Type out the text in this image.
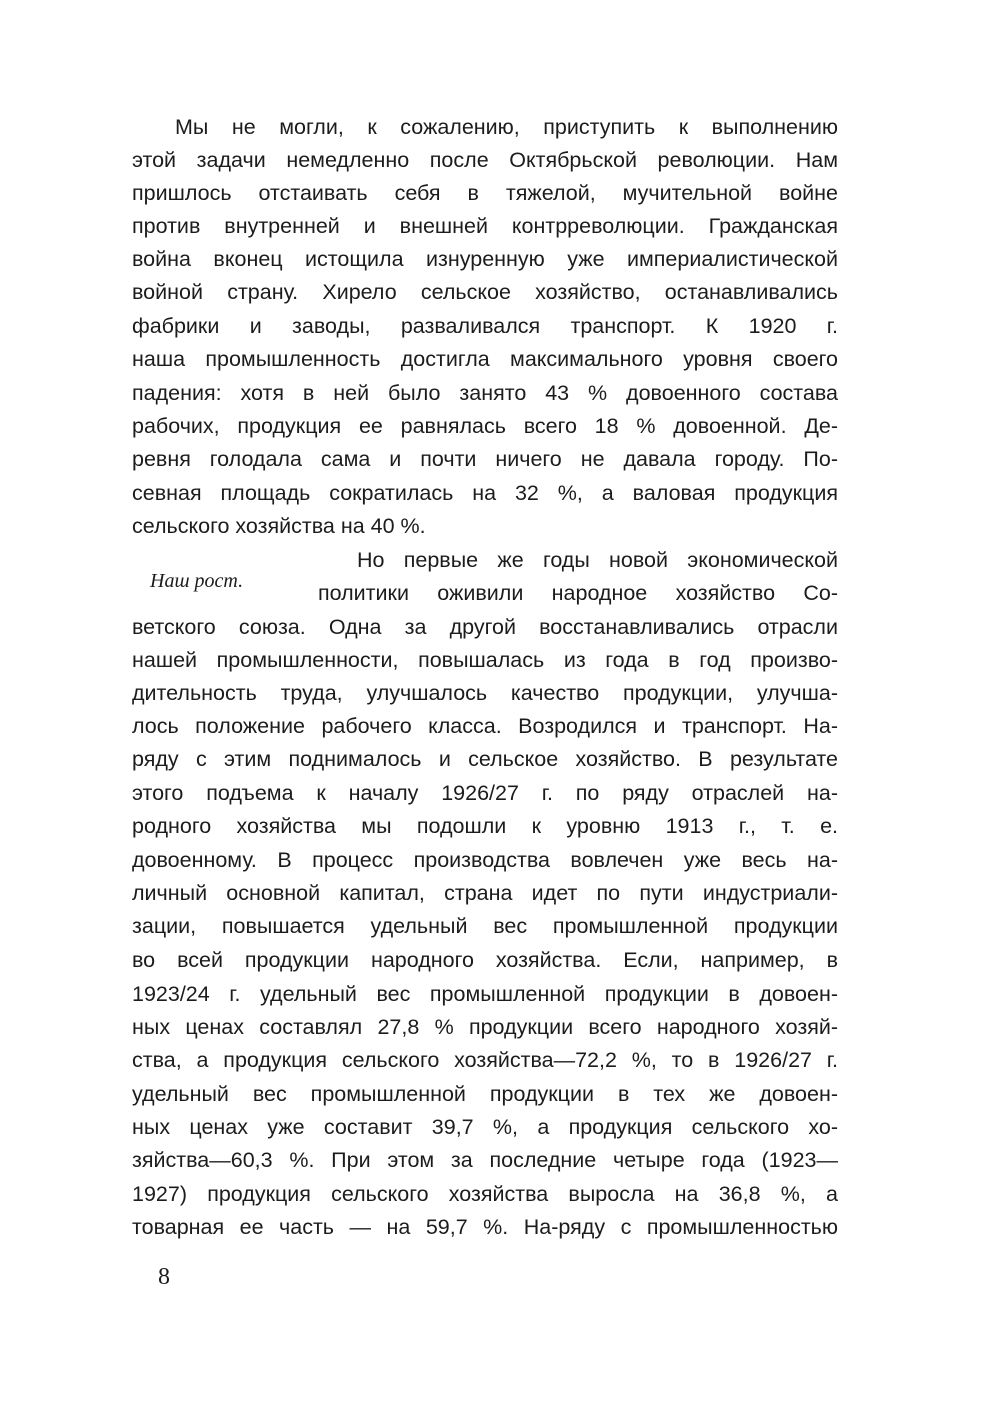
Мы не могли, к сожалению, приступить к выполнению
этой задачи немедленно после Октябрьской революции. Нам
пришлось отстаивать себя в тяжелой, мучительной войне
против внутренней и внешней контрреволюции. Гражданская
война вконец истощила изнуренную уже империалистической
войной страну. Хирело сельское хозяйство, останавливались
фабрики и заводы, разваливался транспорт. К 1920 г.
наша промышленность достигла максимального уровня своего
падения: хотя в ней было занято 43 % довоенного состава
рабочих, продукция ее равнялась всего 18 % довоенной. Де-
ревня голодала сама и почти ничего не давала городу. По-
севная площадь сократилась на 32 %, а валовая продукция
сельского хозяйства на 40 %.
Наш рост.
Но первые же годы новой экономической
политики оживили народное хозяйство Со-
ветского союза. Одна за другой восстанавливались отрасли
нашей промышленности, повышалась из года в год произво-
дительность труда, улучшалось качество продукции, улучша-
лось положение рабочего класса. Возродился и транспорт. На-
ряду с этим поднималось и сельское хозяйство. В результате
этого подъема к началу 1926/27 г. по ряду отраслей на-
родного хозяйства мы подошли к уровню 1913 г., т. е.
довоенному. В процесс производства вовлечен уже весь на-
личный основной капитал, страна идет по пути индустриали-
зации, повышается удельный вес промышленной продукции
во всей продукции народного хозяйства. Если, например, в
1923/24 г. удельный вес промышленной продукции в довоен-
ных ценах составлял 27,8 % продукции всего народного хозяй-
ства, а продукция сельского хозяйства—72,2 %, то в 1926/27 г.
удельный вес промышленной продукции в тех же довоен-
ных ценах уже составит 39,7 %, а продукция сельского хо-
зяйства—60,3 %. При этом за последние четыре года (1923—
1927) продукция сельского хозяйства выросла на 36,8 %, а
товарная ее часть — на 59,7 %. На-ряду с промышленностью
8
